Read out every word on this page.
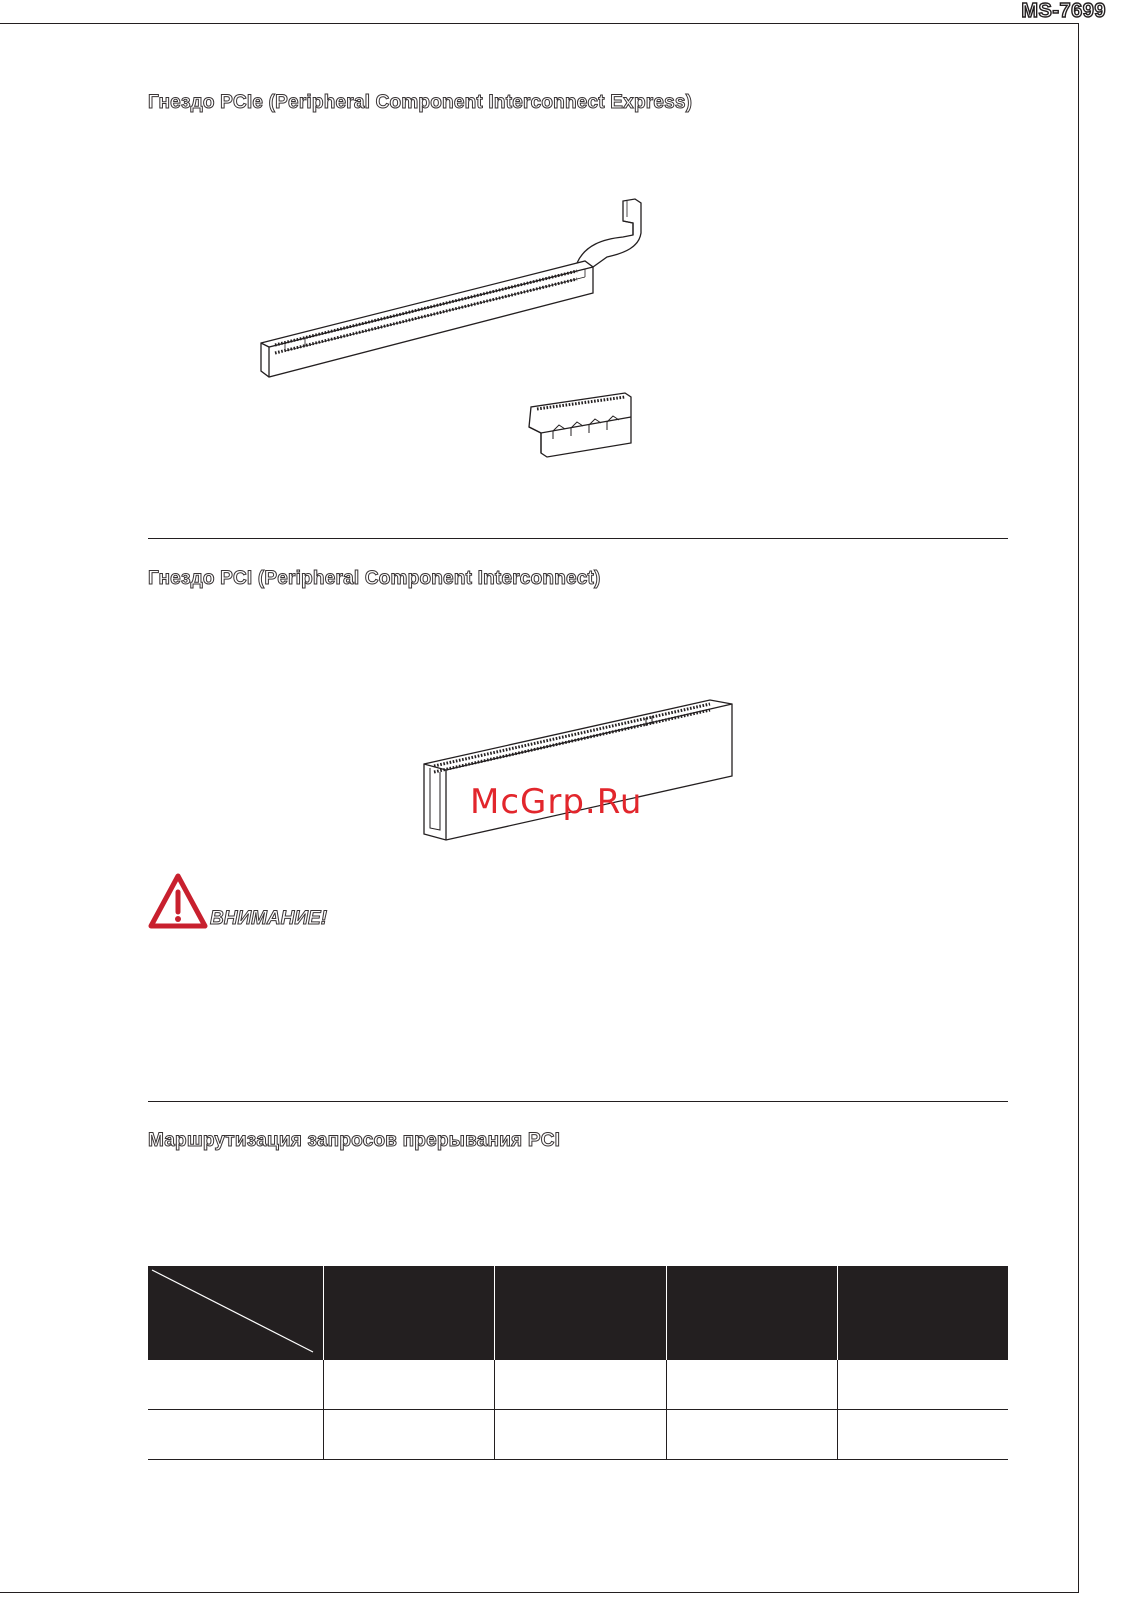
MS-7699
Гнездо PCIe (Peripheral Component Interconnect Express)
Гнездо PCI (Peripheral Component Interconnect)
McGrp.Ru
ВНИМАНИЕ!
Маршрутизация запросов прерывания PCI
